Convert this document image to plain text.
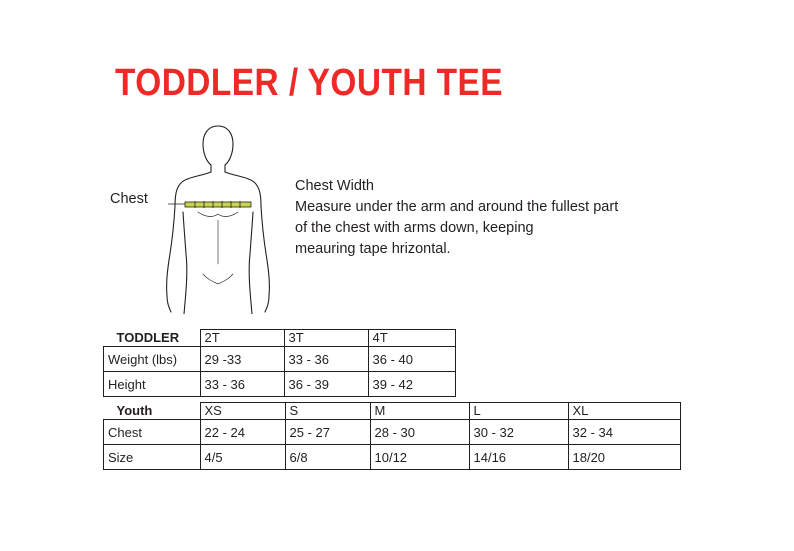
TODDLER / YOUTH TEE
Chest
Chest Width
Measure under the arm and around the fullest part
of the chest with arms down, keeping
meauring tape hrizontal.
TODDLER	2T	3T	4T
Weight (lbs)	29 -33	33 - 36	36 - 40
Height	33 - 36	36 - 39	39 - 42
Youth	XS	S	M	L	XL
Chest	22 - 24	25 - 27	28 - 30	30 - 32	32 - 34
Size	4/5	6/8	10/12	14/16	18/20
